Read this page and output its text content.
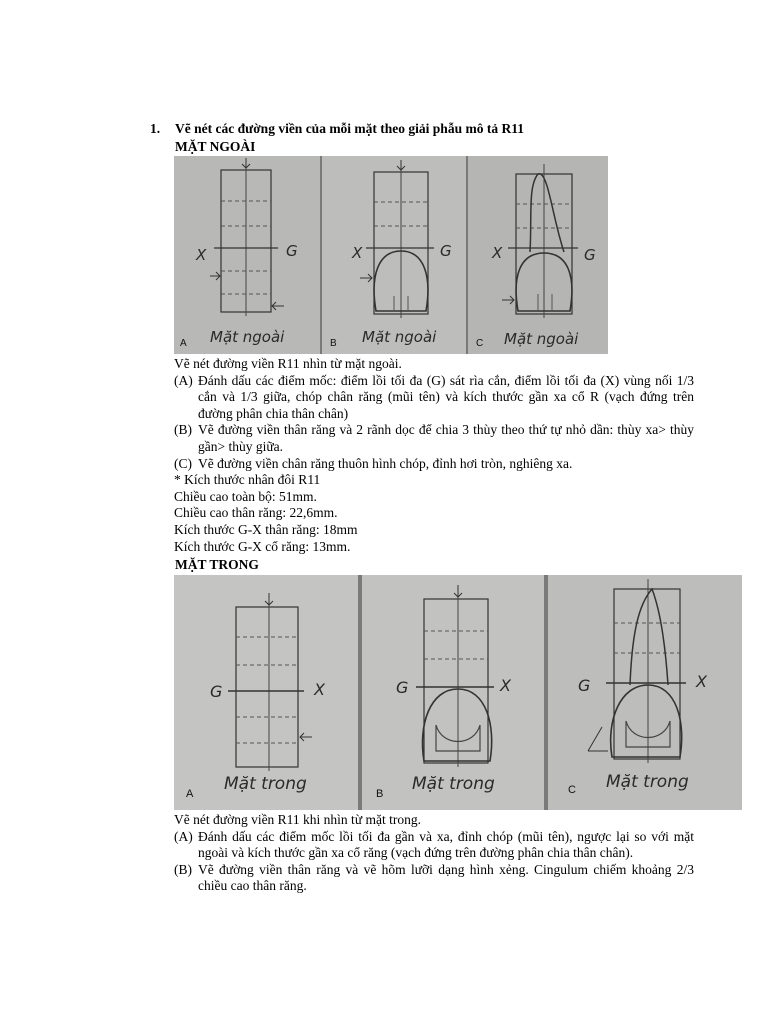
1. Vẽ nét các đường viền của mỗi mặt theo giải phẫu mô tả R11
MẶT NGOÀI
X	G
Mặt ngoài
A
X	G
Mặt ngoài
B
X	G
Mặt ngoài
C

Vẽ nét đường viền R11 nhìn từ mặt ngoài.

(A) Đánh dấu các điểm mốc: điểm lồi tối đa (G) sát rìa cắn, điểm lồi tối đa (X) vùng nối 1/3 cắn và 1/3 giữa, chóp chân răng (mũi tên) và kích thước gần xa cổ R (vạch đứng trên đường phân chia thân chân)
(B) Vẽ đường viền thân răng và 2 rãnh dọc để chia 3 thùy theo thứ tự nhỏ dần: thùy xa> thùy gần> thùy giữa.
(C) Vẽ đường viền chân răng thuôn hình chóp, đỉnh hơi tròn, nghiêng xa.

* Kích thước nhân đôi R11

Chiều cao toàn bộ: 51mm.

Chiều cao thân răng: 22,6mm.

Kích thước G-X thân răng: 18mm

Kích thước G-X cổ răng: 13mm.

MẶT TRONG
G	X
Mặt trong
A
G	X
Mặt trong
B
G	X
Mặt trong
C

Vẽ nét đường viền R11 khi nhìn từ mặt trong.

(A) Đánh dấu các điểm mốc lồi tối đa gần và xa, đỉnh chóp (mũi tên), ngược lại so với mặt ngoài và kích thước gần xa cổ răng (vạch đứng trên đường phân chia thân chân).
(B) Vẽ đường viền thân răng và vẽ hõm lưỡi dạng hình xẻng. Cingulum chiếm khoảng 2/3 chiều cao thân răng.
